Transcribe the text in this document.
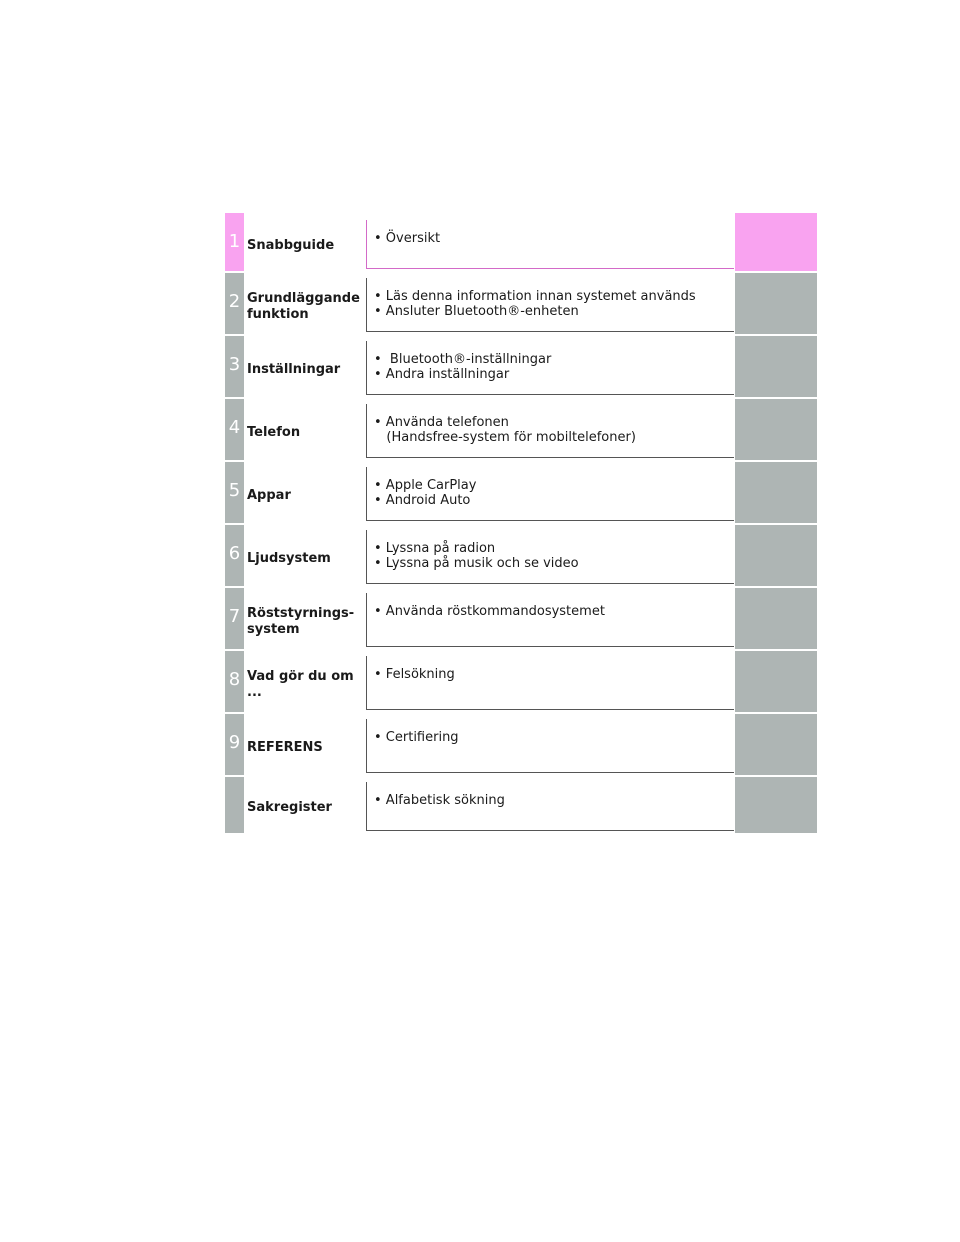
1 Snabbguide	• Översikt
2 Grundläggande
funktion
• Läs denna information innan systemet används
• Ansluter Bluetooth®-enheten
3 Inställningar
•  Bluetooth®-inställningar
• Andra inställningar
4 Telefon
• Använda telefonen
(Handsfree-system för mobiltelefoner)
5 Appar
• Apple CarPlay
• Android Auto
6 Ljudsystem
• Lyssna på radion
• Lyssna på musik och se video
7 Röststyrnings-
system
• Använda röstkommandosystemet
8 Vad gör du om ...
• Felsökning
9 REFERENS
• Certifiering
Sakregister	• Alfabetisk sökning
